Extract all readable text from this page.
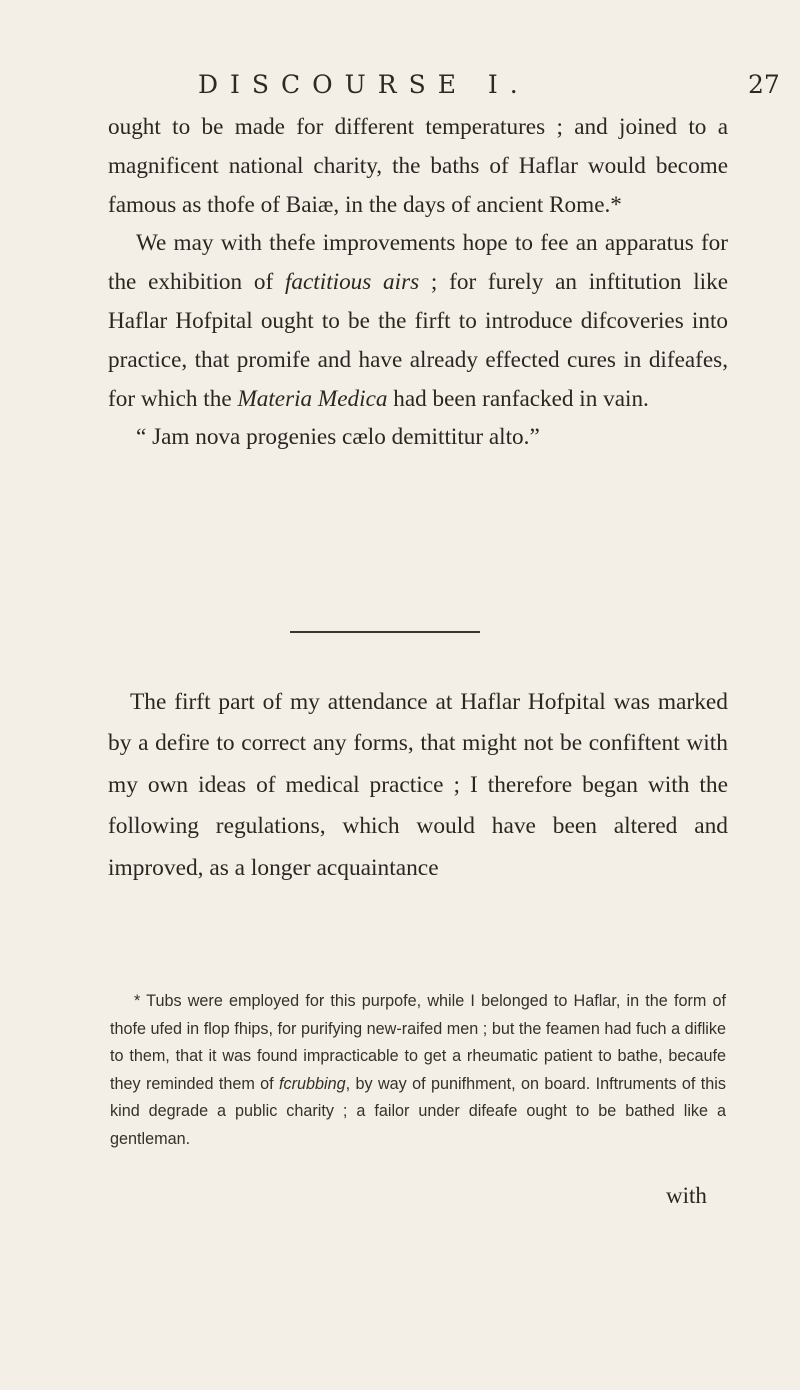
DISCOURSE I.	27

ought to be made for different temperatures ; and joined to a magnificent national charity, the baths of Haflar would become famous as thofe of Baiæ, in the days of ancient Rome.*

We may with thefe improvements hope to fee an apparatus for the exhibition of factitious airs ; for furely an inftitution like Haflar Hofpital ought to be the firft to introduce difcoveries into practice, that promife and have already effected cures in difeafes, for which the Materia Medica had been ranfacked in vain.

“ Jam nova progenies cælo demittitur alto.”

The firft part of my attendance at Haflar Hofpital was marked by a defire to correct any forms, that might not be confiftent with my own ideas of medical practice ; I therefore began with the following regulations, which would have been altered and improved, as a longer acquaintance

* Tubs were employed for this purpofe, while I belonged to Haflar, in the form of thofe ufed in flop fhips, for purifying new-raifed men ; but the feamen had fuch a diflike to them, that it was found impracticable to get a rheumatic patient to bathe, becaufe they reminded them of fcrubbing, by way of punifhment, on board. Inftruments of this kind degrade a public charity ; a failor under difeafe ought to be bathed like a gentleman.

with
